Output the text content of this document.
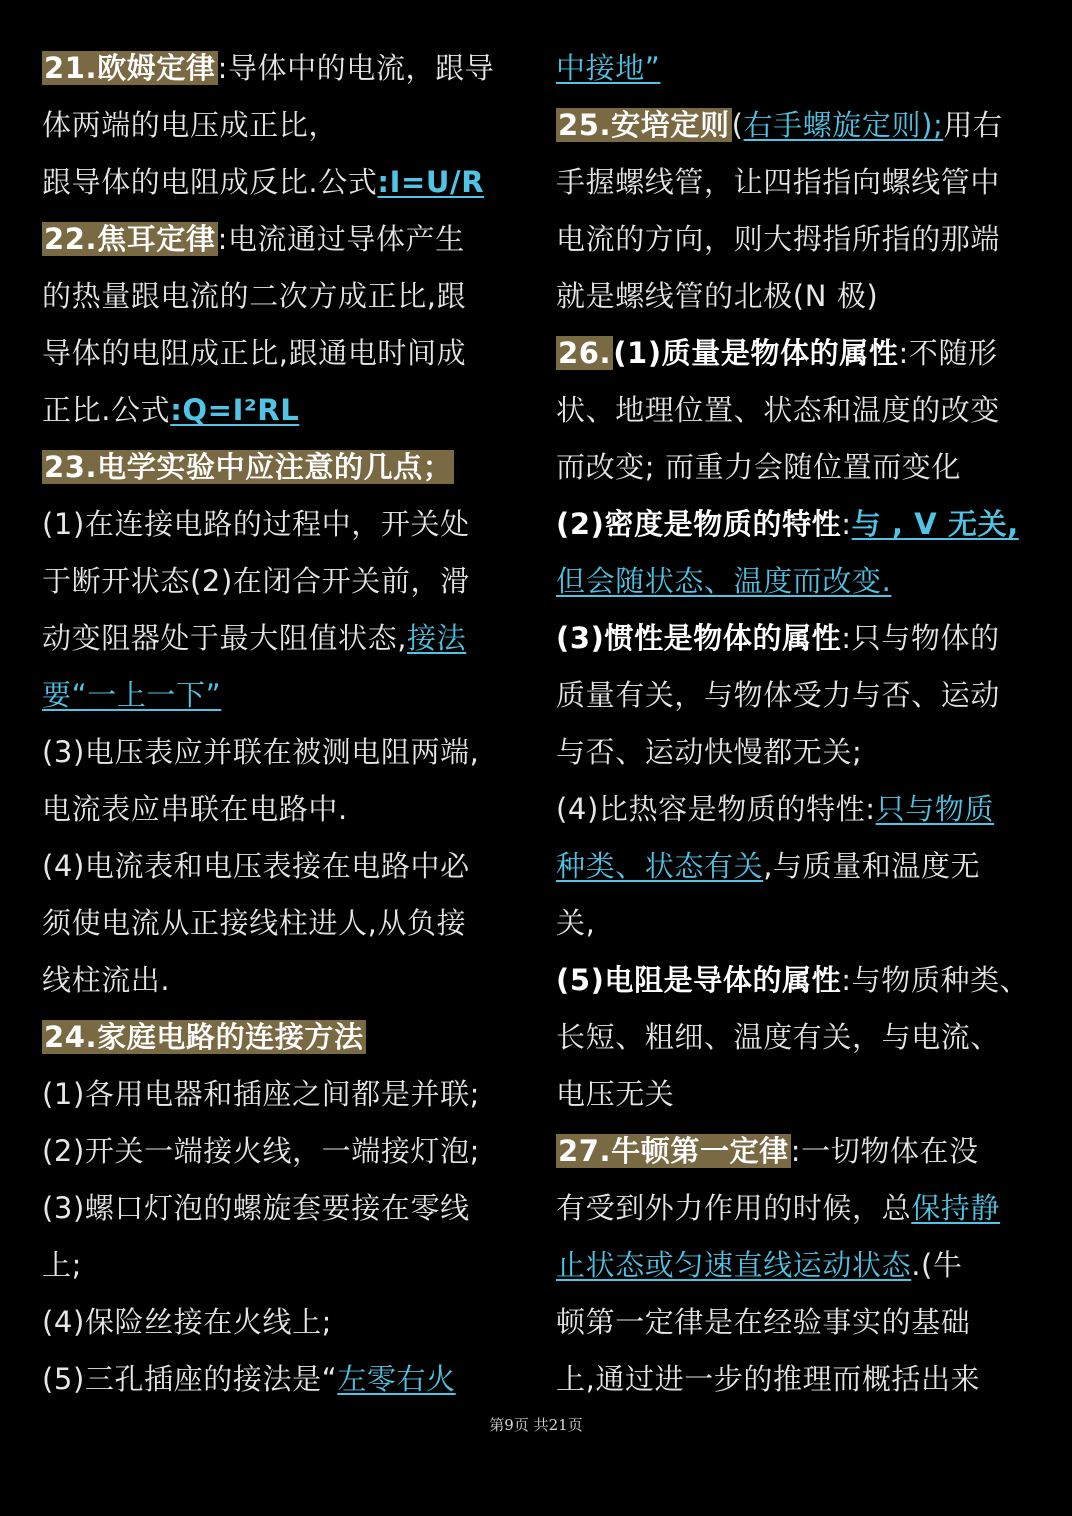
21.欧姆定律:导体中的电流，跟导
体两端的电压成正比，
跟导体的电阻成反比.公式:I=U/R
22.焦耳定律:电流通过导体产生
的热量跟电流的二次方成正比,跟
导体的电阻成正比,跟通电时间成
正比.公式:Q=I²RL
23.电学实验中应注意的几点；
(1)在连接电路的过程中，开关处
于断开状态(2)在闭合开关前，滑
动变阻器处于最大阻值状态,接法
要“一上一下”
(3)电压表应并联在被测电阻两端,
电流表应串联在电路中.
(4)电流表和电压表接在电路中必
须使电流从正接线柱进人,从负接
线柱流出.
24.家庭电路的连接方法
(1)各用电器和插座之间都是并联;
(2)开关一端接火线，一端接灯泡;
(3)螺口灯泡的螺旋套要接在零线
上;
(4)保险丝接在火线上;
(5)三孔插座的接法是“左零右火
中接地”
25.安培定则(右手螺旋定则);用右
手握螺线管，让四指指向螺线管中
电流的方向，则大拇指所指的那端
就是螺线管的北极(N 极)
26.(1)质量是物体的属性:不随形
状、地理位置、状态和温度的改变
而改变; 而重力会随位置而变化
(2)密度是物质的特性:与 , V 无关,
但会随状态、温度而改变.
(3)惯性是物体的属性:只与物体的
质量有关，与物体受力与否、运动
与否、运动快慢都无关;
(4)比热容是物质的特性:只与物质
种类、状态有关,与质量和温度无
关,
(5)电阻是导体的属性:与物质种类、
长短、粗细、温度有关，与电流、
电压无关
27.牛顿第一定律:一切物体在没
有受到外力作用的时候，总保持静
止状态或匀速直线运动状态.(牛
顿第一定律是在经验事实的基础
上,通过进一步的推理而概括出来
第9页 共21页
